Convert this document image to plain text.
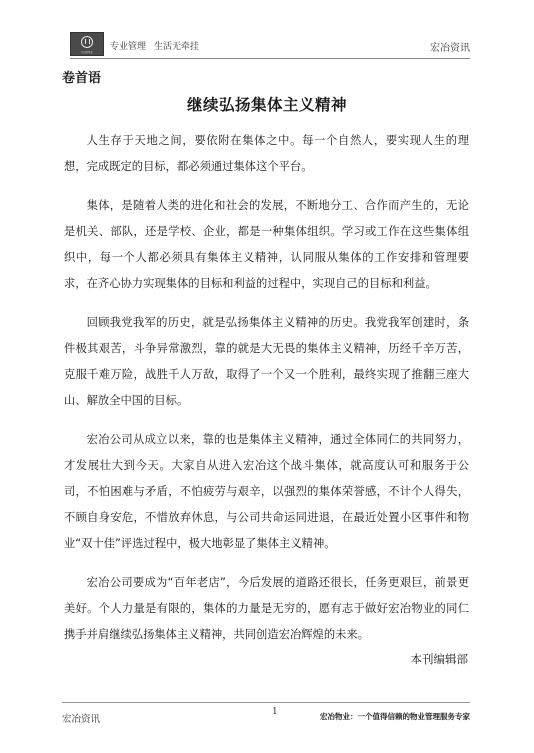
宏冶物业	专业管理 生活无牵挂	宏冶资讯
卷首语
继续弘扬集体主义精神

人生存于天地之间，要依附在集体之中。每一个自然人，要实现人生的理想，完成既定的目标，都必须通过集体这个平台。

集体，是随着人类的进化和社会的发展，不断地分工、合作而产生的，无论是机关、部队，还是学校、企业，都是一种集体组织。学习或工作在这些集体组织中，每一个人都必须具有集体主义精神，认同服从集体的工作安排和管理要求，在齐心协力实现集体的目标和利益的过程中，实现自己的目标和利益。

回顾我党我军的历史，就是弘扬集体主义精神的历史。我党我军创建时，条件极其艰苦，斗争异常激烈，靠的就是大无畏的集体主义精神，历经千辛万苦，克服千难万险，战胜千人万敌，取得了一个又一个胜利，最终实现了推翻三座大山、解放全中国的目标。

宏冶公司从成立以来，靠的也是集体主义精神，通过全体同仁的共同努力，才发展壮大到今天。大家自从进入宏冶这个战斗集体，就高度认可和服务于公司，不怕困难与矛盾，不怕疲劳与艰辛，以强烈的集体荣誉感，不计个人得失，不顾自身安危，不惜放弃休息，与公司共命运同进退，在最近处置小区事件和物业“双十佳”评选过程中，极大地彰显了集体主义精神。

宏冶公司要成为“百年老店”，今后发展的道路还很长，任务更艰巨，前景更美好。个人力量是有限的，集体的力量是无穷的，愿有志于做好宏冶物业的同仁携手并肩继续弘扬集体主义精神，共同创造宏冶辉煌的未来。

本刊编辑部
宏冶资讯
1	宏冶物业：一个值得信赖的物业管理服务专家
